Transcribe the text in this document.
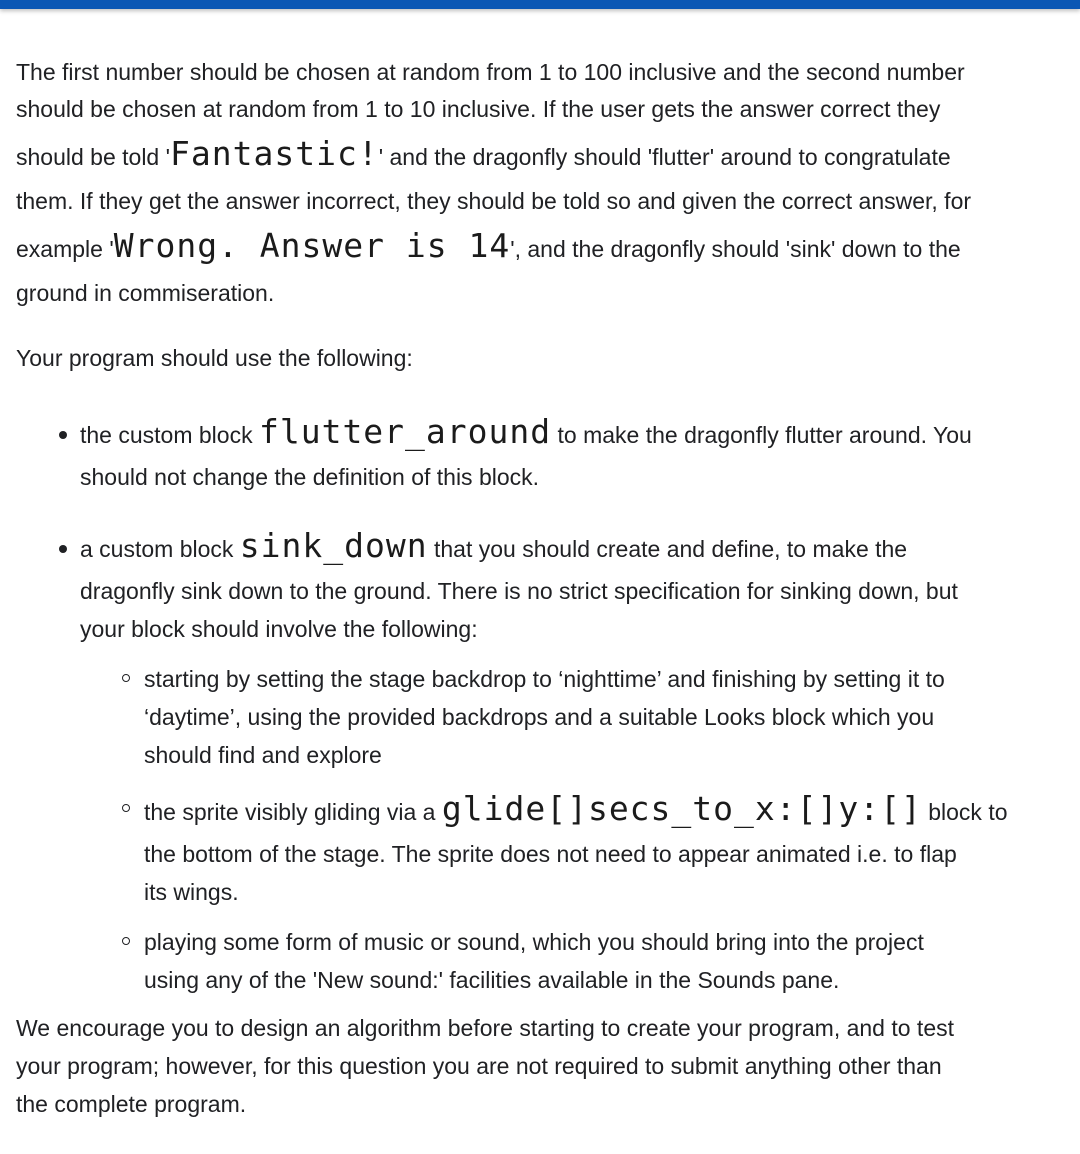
The first number should be chosen at random from 1 to 100 inclusive and the second number
should be chosen at random from 1 to 10 inclusive. If the user gets the answer correct they
should be told 'Fantastic!' and the dragonfly should 'flutter' around to congratulate
them. If they get the answer incorrect, they should be told so and given the correct answer, for
example 'Wrong. Answer is 14', and the dragonfly should 'sink' down to the
ground in commiseration.

Your program should use the following:

the custom block flutter_around to make the dragonfly flutter around. You
should not change the definition of this block.
a custom block sink_down that you should create and define, to make the
dragonfly sink down to the ground. There is no strict specification for sinking down, but
your block should involve the following:
starting by setting the stage backdrop to ‘nighttime’ and finishing by setting it to
‘daytime’, using the provided backdrops and a suitable Looks block which you
should find and explore
the sprite visibly gliding via a glide[]secs_to_x:[]y:[] block to
the bottom of the stage. The sprite does not need to appear animated i.e. to flap
its wings.
playing some form of music or sound, which you should bring into the project
using any of the 'New sound:' facilities available in the Sounds pane.

We encourage you to design an algorithm before starting to create your program, and to test
your program; however, for this question you are not required to submit anything other than
the complete program.
